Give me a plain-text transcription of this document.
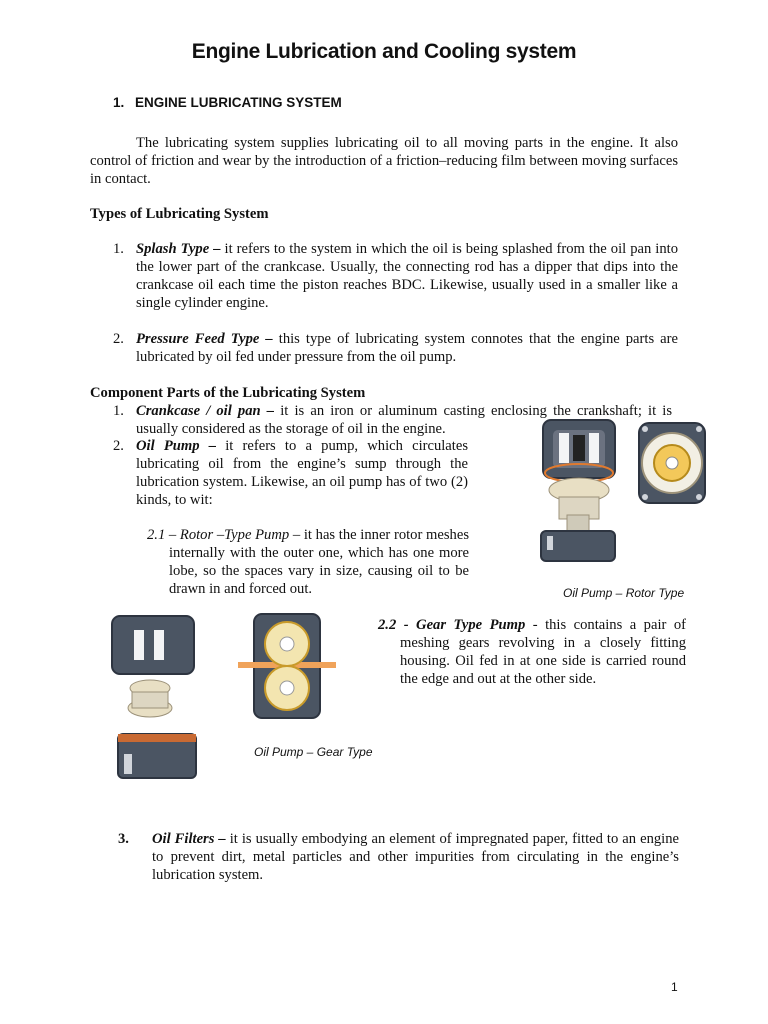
Engine Lubrication and Cooling system
1. ENGINE LUBRICATING SYSTEM
The lubricating system supplies lubricating oil to all moving parts in the engine. It also control of friction and wear by the introduction of a friction–reducing film between moving surfaces in contact.
Types of Lubricating System
1. Splash Type – it refers to the system in which the oil is being splashed from the oil pan into the lower part of the crankcase. Usually, the connecting rod has a dipper that dips into the crankcase oil each time the piston reaches BDC. Likewise, usually used in a smaller like a single cylinder engine.
2. Pressure Feed Type – this type of lubricating system connotes that the engine parts are lubricated by oil fed under pressure from the oil pump.
Component Parts of the Lubricating System
1. Crankcase / oil pan – it is an iron or aluminum casting enclosing the crankshaft; it is usually considered as the storage of oil in the engine.
2. Oil Pump – it refers to a pump, which circulates lubricating oil from the engine’s sump through the lubrication system. Likewise, an oil pump has of two (2) kinds, to wit:
2.1 – Rotor –Type Pump – it has the inner rotor meshes internally with the outer one, which has one more lobe, so the spaces vary in size, causing oil to be drawn in and forced out.	Oil Pump – Rotor Type
Oil Pump – Gear Type
2.2 - Gear Type Pump - this contains a pair of meshing gears revolving in a closely fitting housing. Oil fed in at one side is carried round the edge and out at the other side.
3. Oil Filters – it is usually embodying an element of impregnated paper, fitted to an engine to prevent dirt, metal particles and other impurities from circulating in the engine’s lubrication system.
1
